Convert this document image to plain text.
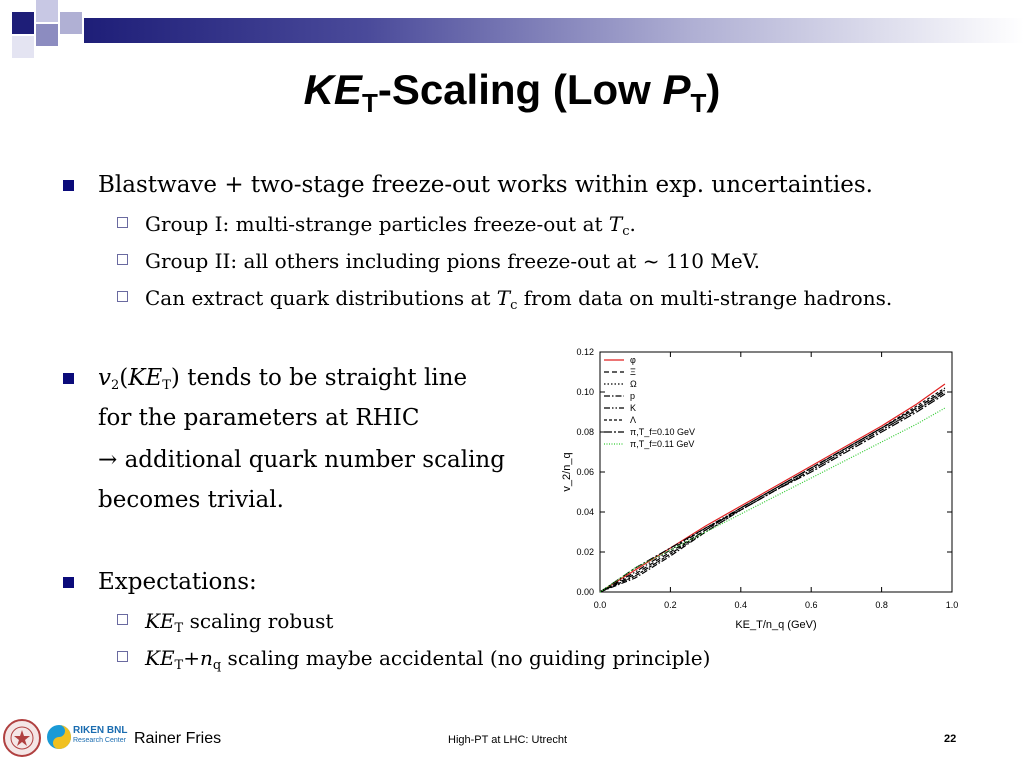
$KE_T$-Scaling (Low $P_T$)
Blastwave + two-stage freeze-out works within exp. uncertainties.
Group I: multi-strange particles freeze-out at $T_c$.
Group II: all others including pions freeze-out at ~ 110 MeV.
Can extract quark distributions at $T_c$ from data on multi-strange hadrons.
$v_2(KE_T)$ tends to be straight line
for the parameters at RHIC
→ additional quark number scaling
becomes trivial.
Expectations:
$KE_T$ scaling robust
$KE_T+n_q$ scaling maybe accidental (no guiding principle)
0.0	0.2	0.4	0.6	0.8	1.0
0.00
0.02
0.04
0.06
0.08
0.10
0.12
KE_T/n_q (GeV)
v_2/n_q
φ
Ξ
Ω
p
K
Λ
π,T_f=0.10 GeV
π,T_f=0.11 GeV
RIKEN BNL
Research Center Rainer Fries	High-PT at LHC: Utrecht	22
